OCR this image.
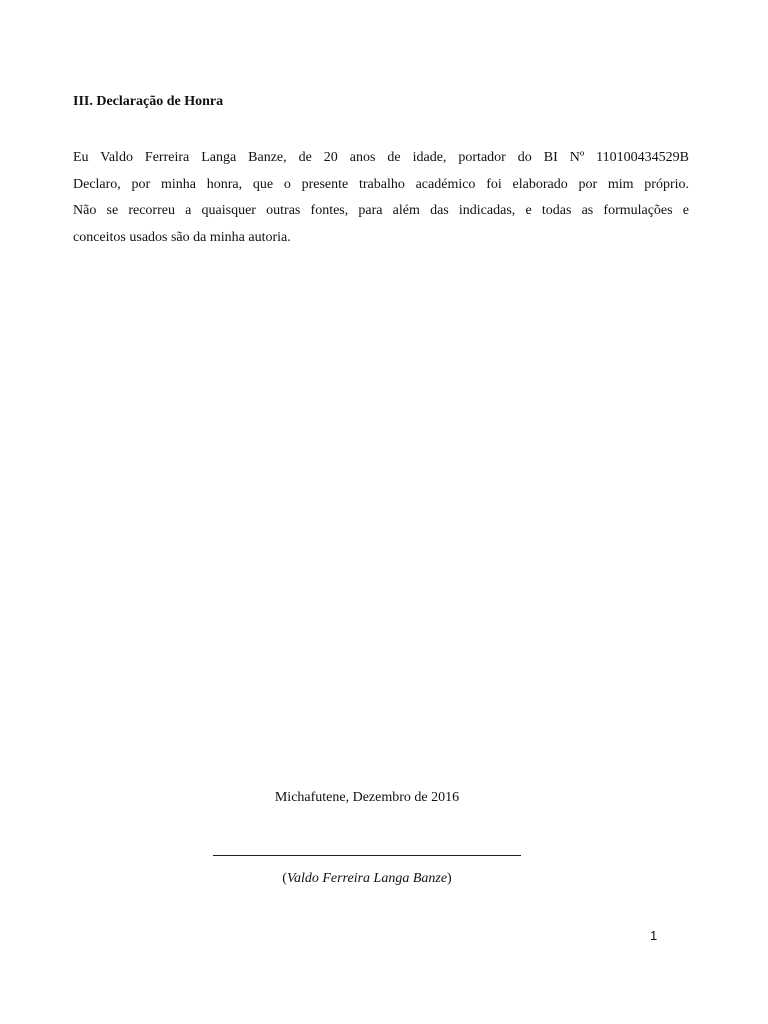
III. Declaração de Honra

Eu Valdo Ferreira Langa Banze, de 20 anos de idade, portador do BI Nº 110100434529B
Declaro, por minha honra, que o presente trabalho académico foi elaborado por mim próprio.
Não se recorreu a quaisquer outras fontes, para além das indicadas, e todas as formulações e
conceitos usados são da minha autoria.

Michafutene, Dezembro de 2016

(Valdo Ferreira Langa Banze)

1
